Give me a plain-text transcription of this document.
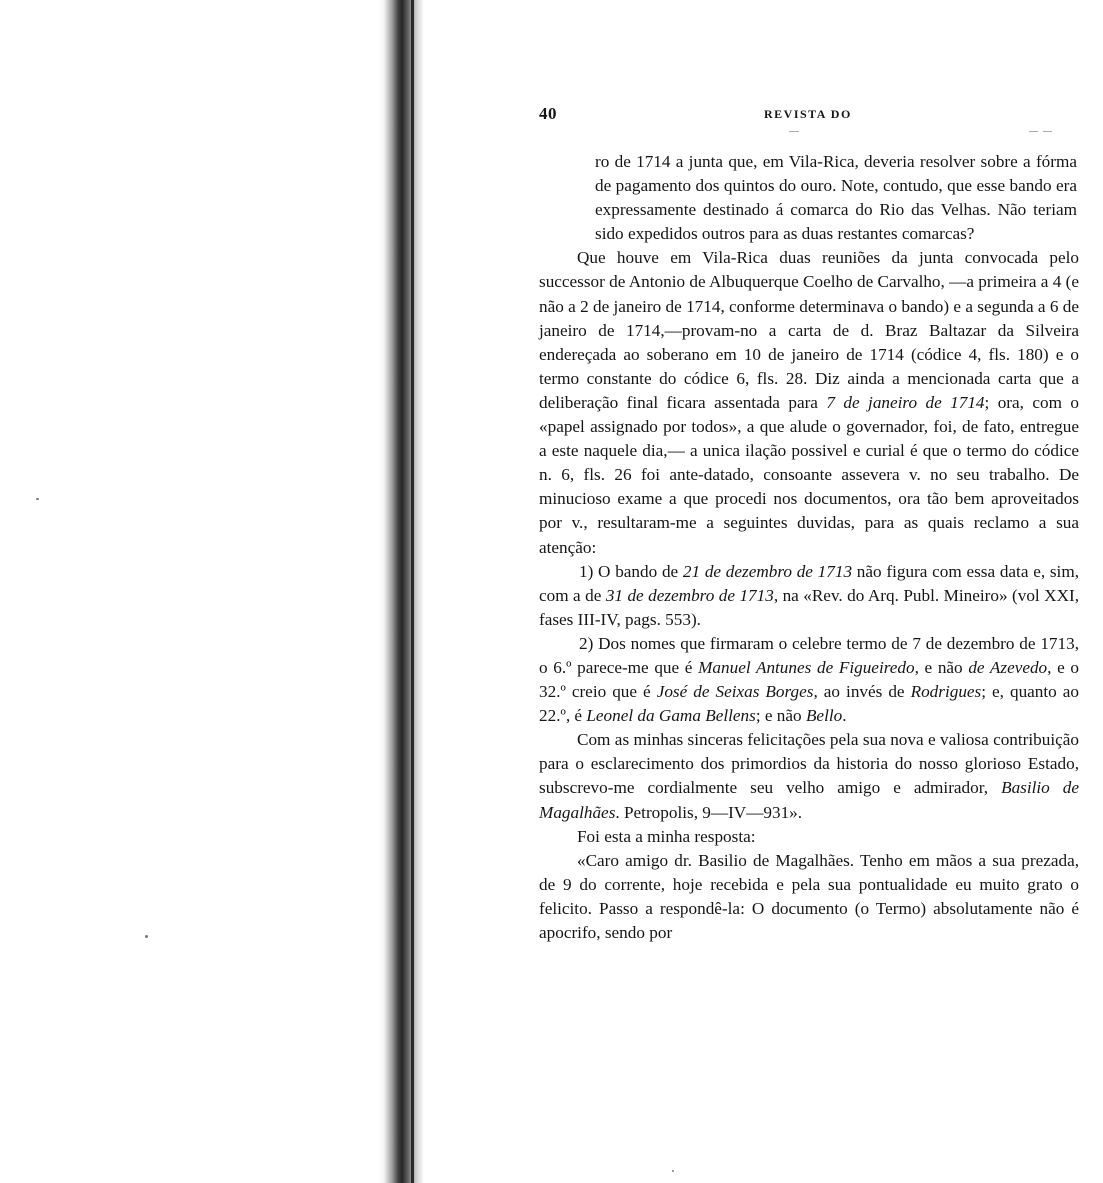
40	REVISTA DO

ro de 1714 a junta que, em Vila-Rica, deveria resolver sobre a fórma de pagamento dos quintos do ouro. Note, contudo, que esse bando era expressamente destinado á comarca do Rio das Velhas. Não teriam sido expedidos outros para as duas restantes comarcas?

Que houve em Vila-Rica duas reuniões da junta convocada pelo successor de Antonio de Albuquerque Coelho de Carvalho, —a primeira a 4 (e não a 2 de janeiro de 1714, conforme determinava o bando) e a segunda a 6 de janeiro de 1714,—provam-no a carta de d. Braz Baltazar da Silveira endereçada ao soberano em 10 de janeiro de 1714 (códice 4, fls. 180) e o termo constante do códice 6, fls. 28. Diz ainda a mencionada carta que a deliberação final ficara assentada para 7 de janeiro de 1714; ora, com o «papel assignado por todos», a que alude o governador, foi, de fato, entregue a este naquele dia,— a unica ilação possivel e curial é que o termo do códice n. 6, fls. 26 foi ante-datado, consoante assevera v. no seu trabalho. De minucioso exame a que procedi nos documentos, ora tão bem aproveitados por v., resultaram-me a seguintes duvidas, para as quais reclamo a sua atenção:

1) O bando de 21 de dezembro de 1713 não figura com essa data e, sim, com a de 31 de dezembro de 1713, na «Rev. do Arq. Publ. Mineiro» (vol XXI, fases III-IV, pags. 553).

2) Dos nomes que firmaram o celebre termo de 7 de dezembro de 1713, o 6.º parece-me que é Manuel Antunes de Figueiredo, e não de Azevedo, e o 32.º creio que é José de Seixas Borges, ao invés de Rodrigues; e, quanto ao 22.º, é Leonel da Gama Bellens; e não Bello.

Com as minhas sinceras felicitações pela sua nova e valiosa contribuição para o esclarecimento dos primordios da historia do nosso glorioso Estado, subscrevo-me cordialmente seu velho amigo e admirador, Basilio de Magalhães. Petropolis, 9—IV—931».

Foi esta a minha resposta:

«Caro amigo dr. Basilio de Magalhães. Tenho em mãos a sua prezada, de 9 do corrente, hoje recebida e pela sua pontualidade eu muito grato o felicito. Passo a respondê-la: O documento (o Termo) absolutamente não é apocrifo, sendo por
